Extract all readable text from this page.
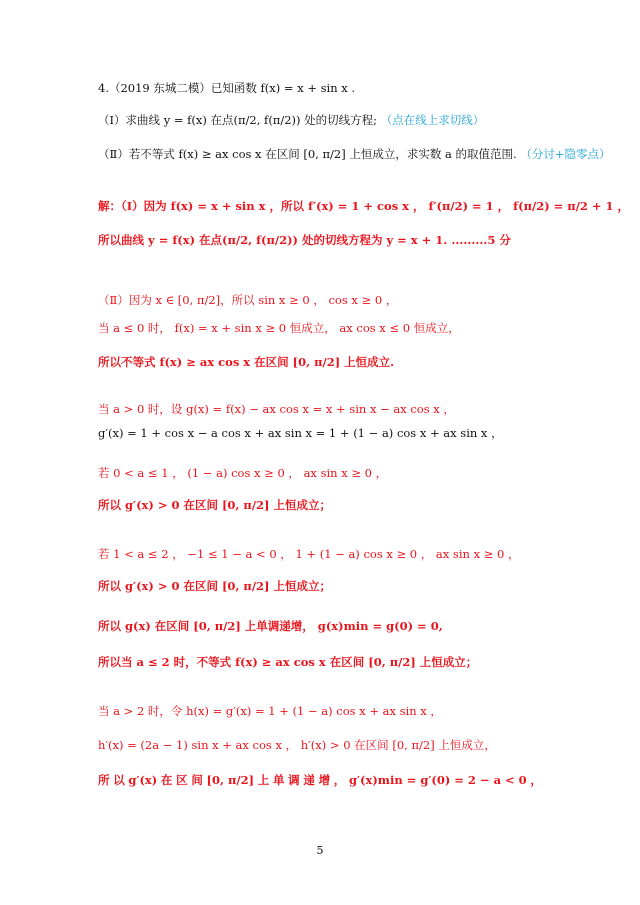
4.（2019 东城二模）已知函数 f(x) = x + sin x .
（Ⅰ）求曲线 y = f(x) 在点(π/2, f(π/2)) 处的切线方程; （点在线上求切线）
（Ⅱ）若不等式 f(x) ≥ ax cos x 在区间 [0, π/2] 上恒成立，求实数 a 的取值范围. （分讨+隐零点）
解：（Ⅰ）因为 f(x) = x + sin x ，所以 f′(x) = 1 + cos x ， f′(π/2) = 1 ， f(π/2) = π/2 + 1 ，
所以曲线 y = f(x) 在点(π/2, f(π/2)) 处的切线方程为 y = x + 1. .........5 分
（Ⅱ）因为 x ∈ [0, π/2]，所以 sin x ≥ 0 ， cos x ≥ 0 ，
当 a ≤ 0 时， f(x) = x + sin x ≥ 0 恒成立， ax cos x ≤ 0 恒成立，
所以不等式 f(x) ≥ ax cos x 在区间 [0, π/2] 上恒成立.
当 a > 0 时，设 g(x) = f(x) − ax cos x = x + sin x − ax cos x ，
g′(x) = 1 + cos x − a cos x + ax sin x = 1 + (1 − a) cos x + ax sin x ，
若 0 < a ≤ 1 ， (1 − a) cos x ≥ 0 ， ax sin x ≥ 0 ，
所以 g′(x) > 0 在区间 [0, π/2] 上恒成立；
若 1 < a ≤ 2 ， −1 ≤ 1 − a < 0 ， 1 + (1 − a) cos x ≥ 0 ， ax sin x ≥ 0 ，
所以 g′(x) > 0 在区间 [0, π/2] 上恒成立；
所以 g(x) 在区间 [0, π/2] 上单调递增， g(x)min = g(0) = 0,
所以当 a ≤ 2 时，不等式 f(x) ≥ ax cos x 在区间 [0, π/2] 上恒成立；
当 a > 2 时，令 h(x) = g′(x) = 1 + (1 − a) cos x + ax sin x ，
h′(x) = (2a − 1) sin x + ax cos x ， h′(x) > 0 在区间 [0, π/2] 上恒成立，
所 以 g′(x) 在 区 间 [0, π/2] 上 单 调 递 增 ， g′(x)min = g′(0) = 2 − a < 0 ，
5
